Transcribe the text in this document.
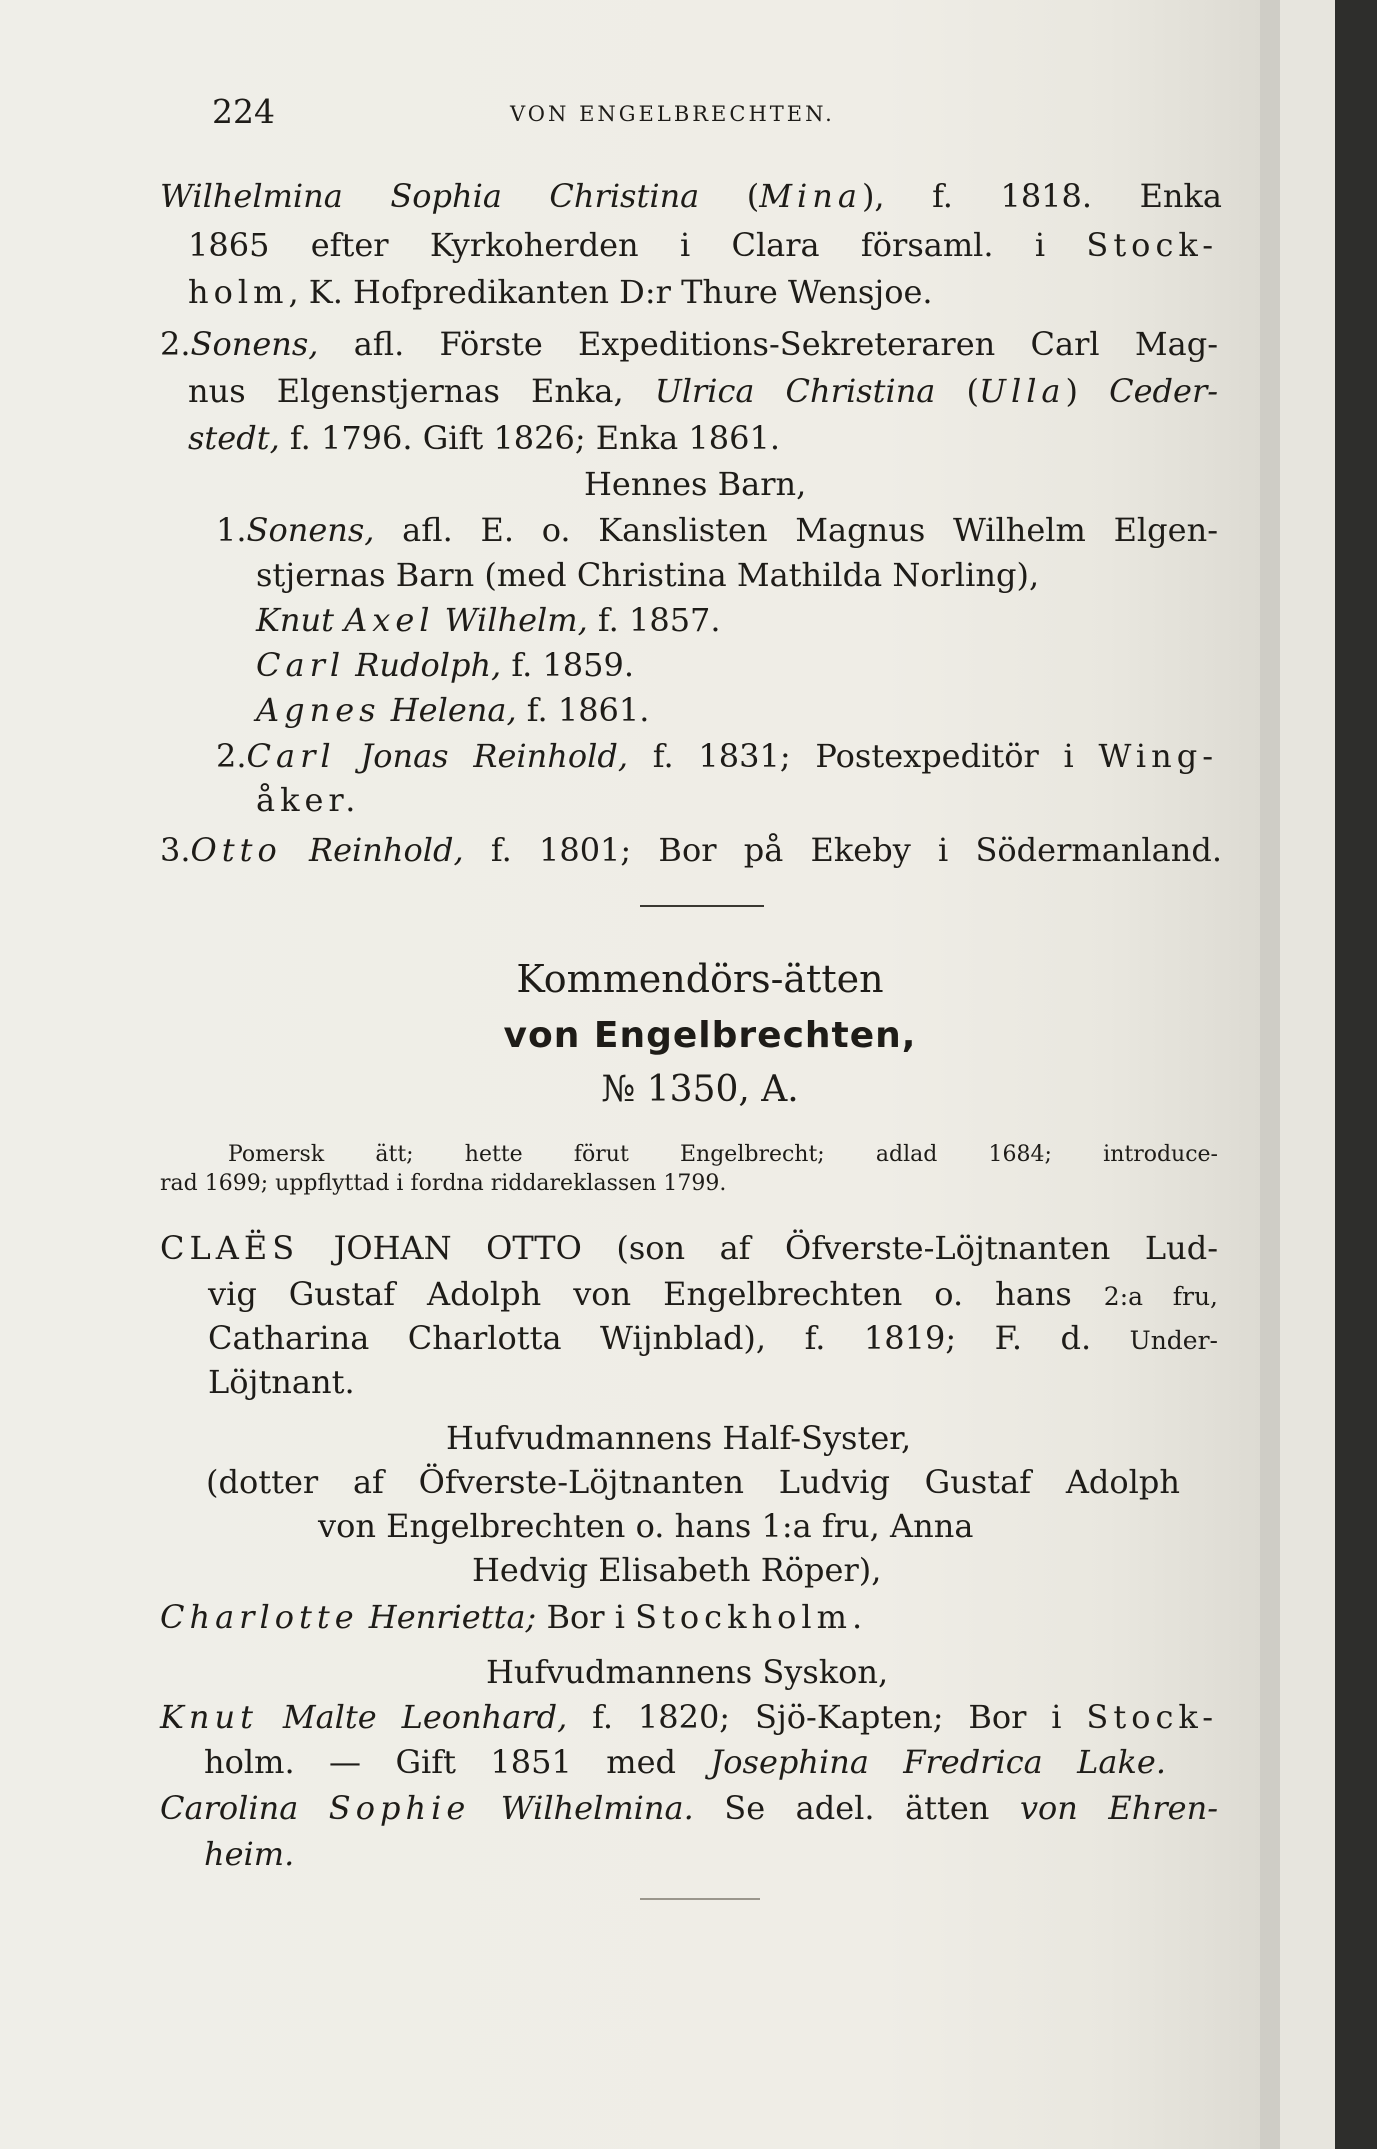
224	VON ENGELBRECHTEN.
Wilhelmina Sophia Christina (Mina), f. 1818. Enka
1865 efter Kyrkoherden i Clara församl. i Stock-
holm, K. Hofpredikanten D:r Thure Wensjoe.
2.Sonens, afl. Förste Expeditions-Sekreteraren Carl Mag-
nus Elgenstjernas Enka, Ulrica Christina (Ulla) Ceder-
stedt, f. 1796. Gift 1826; Enka 1861.
Hennes Barn,
1.Sonens, afl. E. o. Kanslisten Magnus Wilhelm Elgen-
stjernas Barn (med Christina Mathilda Norling),
Knut Axel Wilhelm, f. 1857.
Carl Rudolph, f. 1859.
Agnes Helena, f. 1861.
2.Carl Jonas Reinhold, f. 1831; Postexpeditör i Wing-
åker.
3.Otto Reinhold, f. 1801; Bor på Ekeby i Södermanland.
Kommendörs-ätten
von Engelbrechten,
№ 1350, A.
Pomersk ätt; hette förut Engelbrecht; adlad 1684; introduce-
rad 1699; uppflyttad i fordna riddareklassen 1799.
CLAËS JOHAN OTTO (son af Öfverste-Löjtnanten Lud-
vig Gustaf Adolph von Engelbrechten o. hans 2:a fru,
Catharina Charlotta Wijnblad), f. 1819; F. d. Under-
Löjtnant.
Hufvudmannens Half-Syster,
(dotter af Öfverste-Löjtnanten Ludvig Gustaf Adolph
von Engelbrechten o. hans 1:a fru, Anna
Hedvig Elisabeth Röper),
Charlotte Henrietta; Bor i Stockholm.
Hufvudmannens Syskon,
Knut Malte Leonhard, f. 1820; Sjö-Kapten; Bor i Stock-
holm. — Gift 1851 med Josephina Fredrica Lake.
Carolina Sophie Wilhelmina. Se adel. ätten von Ehren-
heim.
